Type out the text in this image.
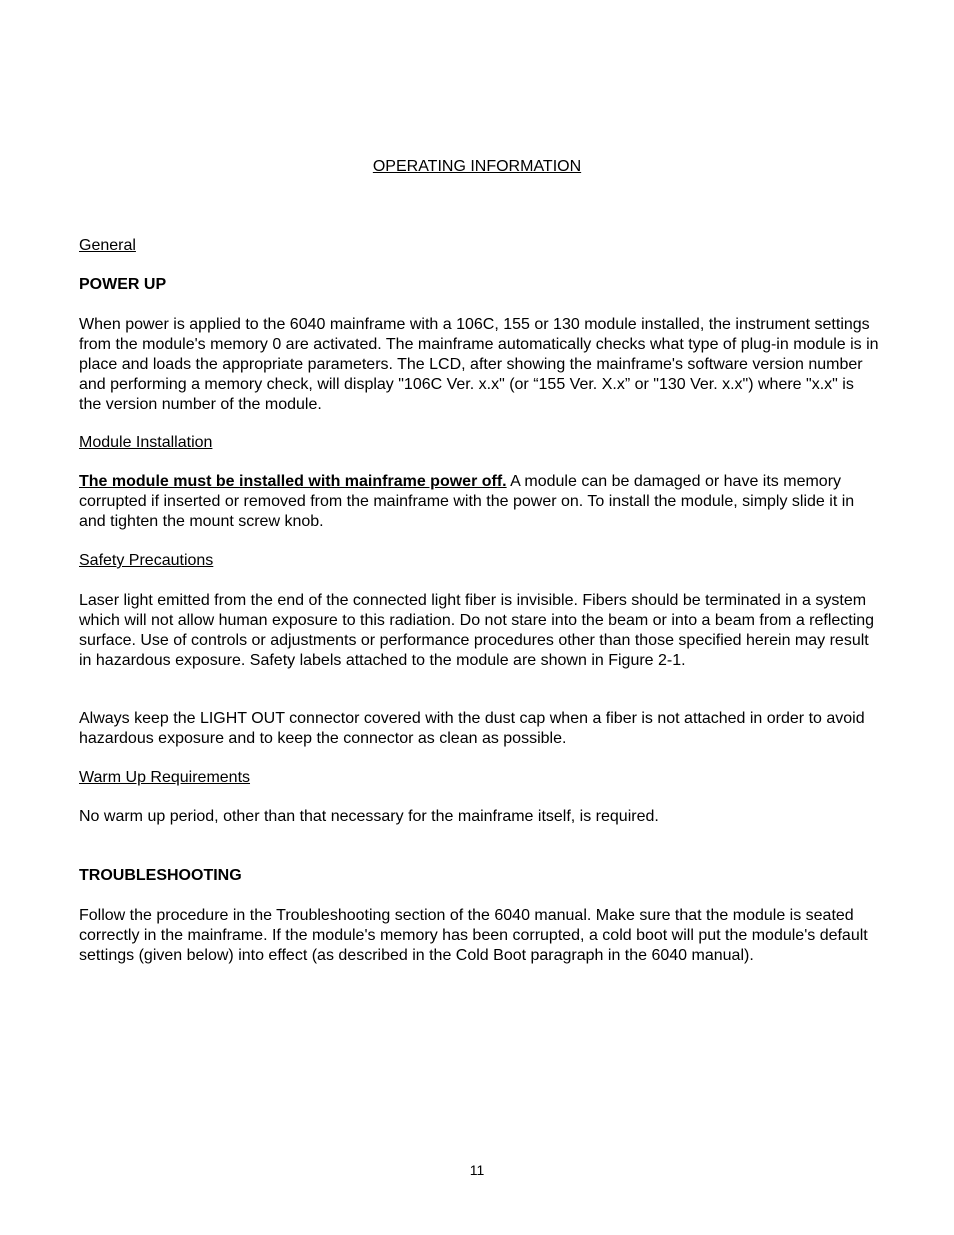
OPERATING INFORMATION

General

POWER UP

When power is applied to the 6040 mainframe with a 106C, 155 or 130 module installed, the instrument settings from the module's memory 0 are activated. The mainframe automatically checks what type of plug-in module is in place and loads the appropriate parameters. The LCD, after showing the mainframe's software version number and performing a memory check, will display "106C Ver. x.x" (or “155 Ver. X.x” or "130 Ver. x.x") where "x.x" is the version number of the module.

Module Installation

The module must be installed with mainframe power off. A module can be damaged or have its memory corrupted if inserted or removed from the mainframe with the power on. To install the module, simply slide it in and tighten the mount screw knob.

Safety Precautions

Laser light emitted from the end of the connected light fiber is invisible. Fibers should be terminated in a system which will not allow human exposure to this radiation. Do not stare into the beam or into a beam from a reflecting surface. Use of controls or adjustments or performance procedures other than those specified herein may result in hazardous exposure. Safety labels attached to the module are shown in Figure 2-1.

Always keep the LIGHT OUT connector covered with the dust cap when a fiber is not attached in order to avoid hazardous exposure and to keep the connector as clean as possible.

Warm Up Requirements

No warm up period, other than that necessary for the mainframe itself, is required.

TROUBLESHOOTING

Follow the procedure in the Troubleshooting section of the 6040 manual. Make sure that the module is seated correctly in the mainframe. If the module's memory has been corrupted, a cold boot will put the module's default settings (given below) into effect (as described in the Cold Boot paragraph in the 6040 manual).

11
